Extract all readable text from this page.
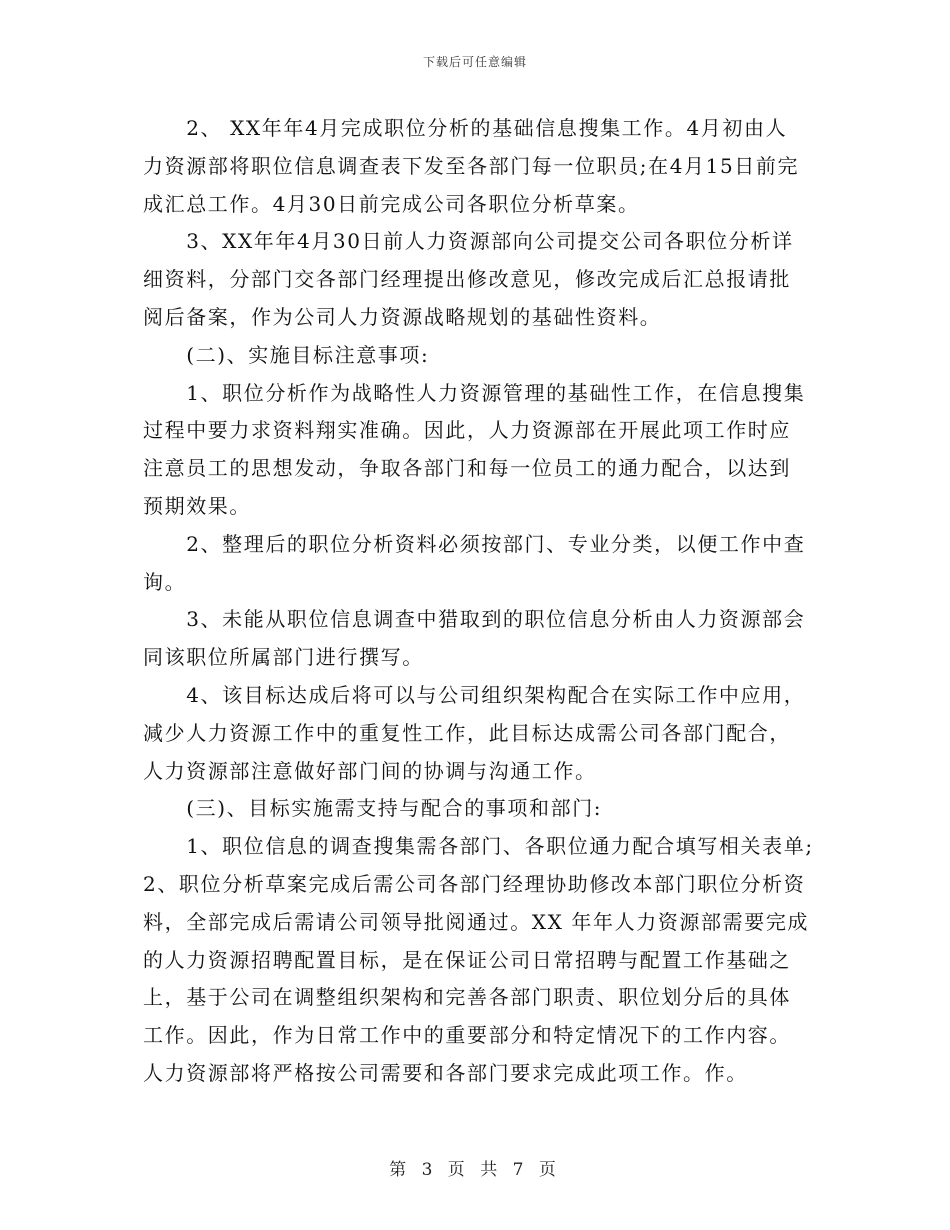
下载后可任意编辑
　　2、 XX年年4月完成职位分析的基础信息搜集工作。4月初由人
力资源部将职位信息调查表下发至各部门每一位职员;在4月15日前完
成汇总工作。4月30日前完成公司各职位分析草案。
　　3、XX年年4月30日前人力资源部向公司提交公司各职位分析详
细资料，分部门交各部门经理提出修改意见，修改完成后汇总报请批
阅后备案，作为公司人力资源战略规划的基础性资料。
　　(二)、实施目标注意事项:
　　1、职位分析作为战略性人力资源管理的基础性工作，在信息搜集
过程中要力求资料翔实准确。因此，人力资源部在开展此项工作时应
注意员工的思想发动，争取各部门和每一位员工的通力配合，以达到
预期效果。
　　2、整理后的职位分析资料必须按部门、专业分类，以便工作中查
询。
　　3、未能从职位信息调查中猎取到的职位信息分析由人力资源部会
同该职位所属部门进行撰写。
　　4、该目标达成后将可以与公司组织架构配合在实际工作中应用，
减少人力资源工作中的重复性工作，此目标达成需公司各部门配合，
人力资源部注意做好部门间的协调与沟通工作。
　　(三)、目标实施需支持与配合的事项和部门:
　　1、职位信息的调查搜集需各部门、各职位通力配合填写相关表单;
2、职位分析草案完成后需公司各部门经理协助修改本部门职位分析资
料，全部完成后需请公司领导批阅通过。XX 年年人力资源部需要完成
的人力资源招聘配置目标，是在保证公司日常招聘与配置工作基础之
上，基于公司在调整组织架构和完善各部门职责、职位划分后的具体
工作。因此，作为日常工作中的重要部分和特定情况下的工作内容。
人力资源部将严格按公司需要和各部门要求完成此项工作。作。
第 3 页 共 7 页
